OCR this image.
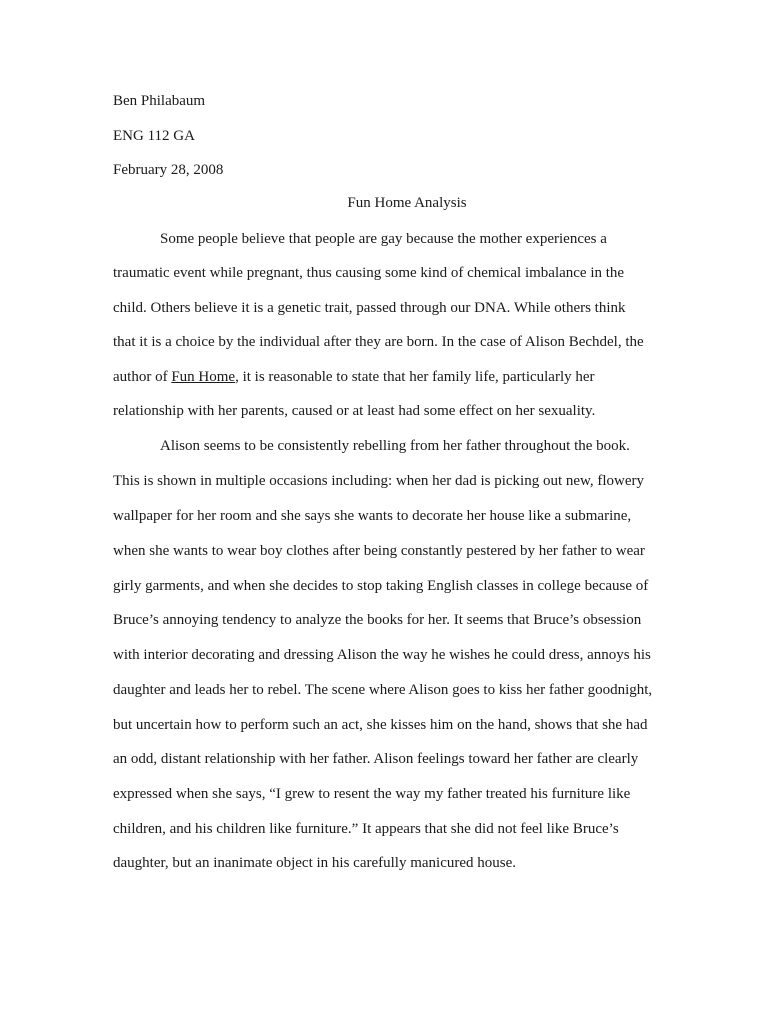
Ben Philabaum

ENG 112 GA

February 28, 2008

Fun Home Analysis

Some people believe that people are gay because the mother experiences a

traumatic event while pregnant, thus causing some kind of chemical imbalance in the

child. Others believe it is a genetic trait, passed through our DNA. While others think

that it is a choice by the individual after they are born. In the case of Alison Bechdel, the

author of Fun Home, it is reasonable to state that her family life, particularly her

relationship with her parents, caused or at least had some effect on her sexuality.

Alison seems to be consistently rebelling from her father throughout the book.

This is shown in multiple occasions including: when her dad is picking out new, flowery

wallpaper for her room and she says she wants to decorate her house like a submarine,

when she wants to wear boy clothes after being constantly pestered by her father to wear

girly garments, and when she decides to stop taking English classes in college because of

Bruce’s annoying tendency to analyze the books for her. It seems that Bruce’s obsession

with interior decorating and dressing Alison the way he wishes he could dress, annoys his

daughter and leads her to rebel. The scene where Alison goes to kiss her father goodnight,

but uncertain how to perform such an act, she kisses him on the hand, shows that she had

an odd, distant relationship with her father. Alison feelings toward her father are clearly

expressed when she says, “I grew to resent the way my father treated his furniture like

children, and his children like furniture.” It appears that she did not feel like Bruce’s

daughter, but an inanimate object in his carefully manicured house.
